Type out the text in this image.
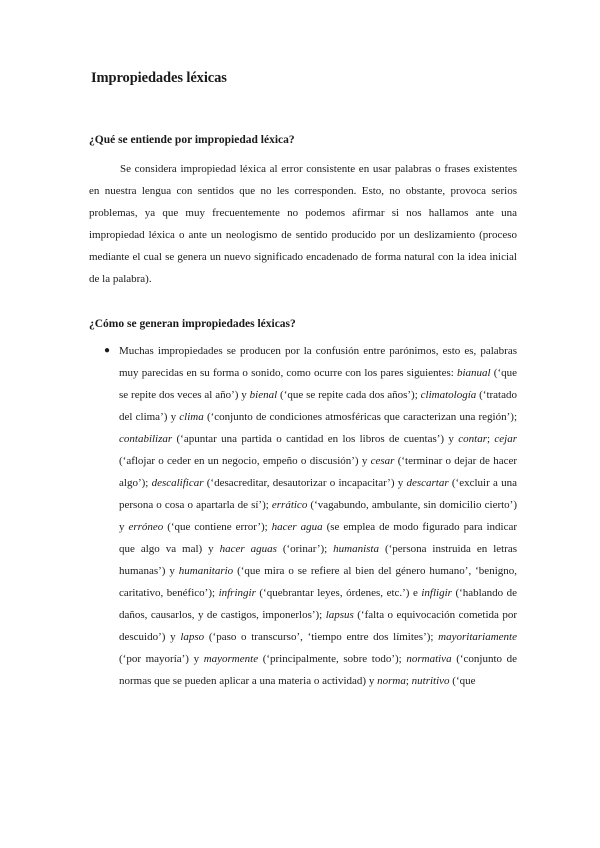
Impropiedades léxicas
¿Qué se entiende por impropiedad léxica?

Se considera impropiedad léxica al error consistente en usar palabras o frases existentes en nuestra lengua con sentidos que no les corresponden. Esto, no obstante, provoca serios problemas, ya que muy frecuentemente no podemos afirmar si nos hallamos ante una impropiedad léxica o ante un neologismo de sentido producido por un deslizamiento (proceso mediante el cual se genera un nuevo significado encadenado de forma natural con la idea inicial de la palabra).

¿Cómo se generan impropiedades léxicas?
● Muchas impropiedades se producen por la confusión entre parónimos, esto es, palabras muy parecidas en su forma o sonido, como ocurre con los pares siguientes: bianual (‘que se repite dos veces al año’) y bienal (‘que se repite cada dos años’); climatología (‘tratado del clima’) y clima (‘conjunto de condiciones atmosféricas que caracterizan una región’); contabilizar (‘apuntar una partida o cantidad en los libros de cuentas’) y contar; cejar (‘aflojar o ceder en un negocio, empeño o discusión’) y cesar (‘terminar o dejar de hacer algo’); descalificar (‘desacreditar, desautorizar o incapacitar’) y descartar (‘excluir a una persona o cosa o apartarla de sí’); errático (‘vagabundo, ambulante, sin domicilio cierto’) y erróneo (‘que contiene error’); hacer agua (se emplea de modo figurado para indicar que algo va mal) y hacer aguas (‘orinar’); humanista (‘persona instruida en letras humanas’) y humanitario (‘que mira o se refiere al bien del género humano’, ‘benigno, caritativo, benéfico’); infringir (‘quebrantar leyes, órdenes, etc.’) e infligir (‘hablando de daños, causarlos, y de castigos, imponerlos’); lapsus (‘falta o equivocación cometida por descuido’) y lapso (‘paso o transcurso’, ‘tiempo entre dos límites’); mayoritariamente (‘por mayoría’) y mayormente (‘principalmente, sobre todo’); normativa (‘conjunto de normas que se pueden aplicar a una materia o actividad) y norma; nutritivo (‘que
